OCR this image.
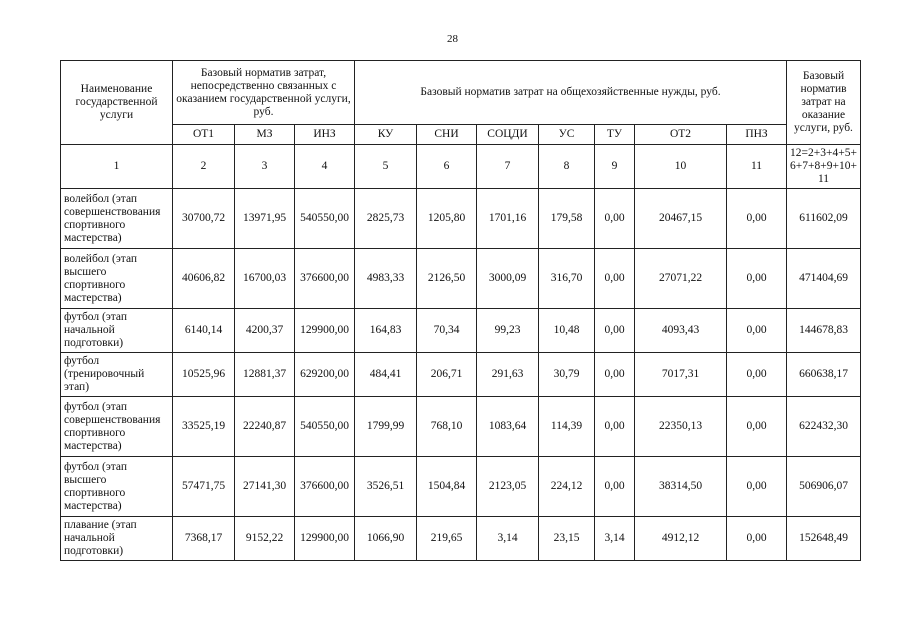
28
Наименование государственной услуги	Базовый норматив затрат, непосредственно связанных с оказанием государственной услуги, руб.			Базовый норматив затрат на общехозяйственные нужды, руб.							Базовый норматив затрат на оказание услуги, руб.
	ОТ1	МЗ	ИНЗ	КУ	СНИ	СОЦДИ	УС	ТУ	ОТ2	ПНЗ	
1	2	3	4	5	6	7	8	9	10	11	12=2+3+4+5+6+7+8+9+10+11
волейбол (этап совершенствования спортивного мастерства)	30700,72	13971,95	540550,00	2825,73	1205,80	1701,16	179,58	0,00	20467,15	0,00	611602,09
волейбол (этап высшего спортивного мастерства)	40606,82	16700,03	376600,00	4983,33	2126,50	3000,09	316,70	0,00	27071,22	0,00	471404,69
футбол (этап начальной подготовки)	6140,14	4200,37	129900,00	164,83	70,34	99,23	10,48	0,00	4093,43	0,00	144678,83
футбол (тренировочный этап)	10525,96	12881,37	629200,00	484,41	206,71	291,63	30,79	0,00	7017,31	0,00	660638,17
футбол (этап совершенствования спортивного мастерства)	33525,19	22240,87	540550,00	1799,99	768,10	1083,64	114,39	0,00	22350,13	0,00	622432,30
футбол (этап высшего спортивного мастерства)	57471,75	27141,30	376600,00	3526,51	1504,84	2123,05	224,12	0,00	38314,50	0,00	506906,07
плавание (этап начальной подготовки)	7368,17	9152,22	129900,00	1066,90	219,65	3,14	23,15	3,14	4912,12	0,00	152648,49
